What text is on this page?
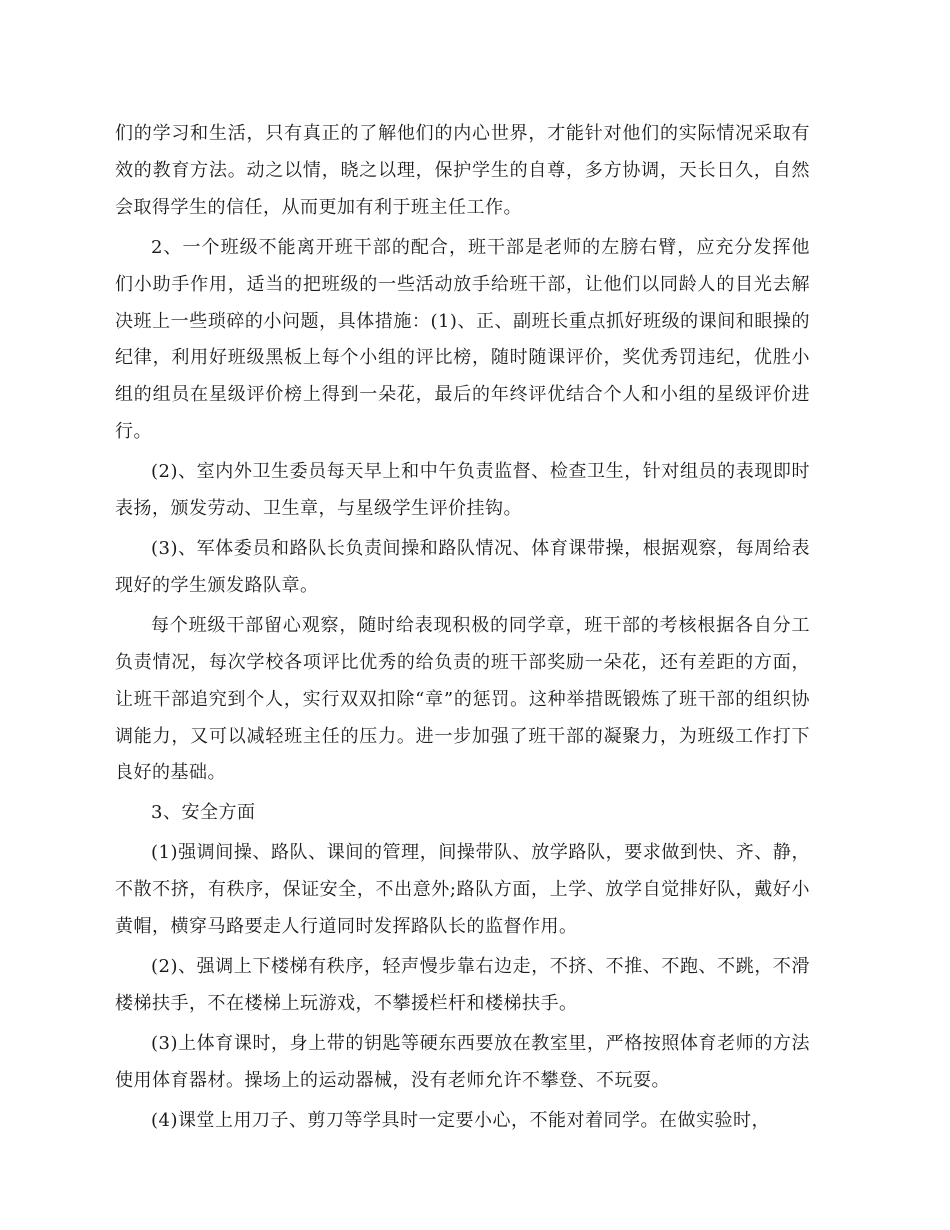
们的学习和生活，只有真正的了解他们的内心世界，才能针对他们的实际情况采取有效的教育方法。动之以情，晓之以理，保护学生的自尊，多方协调，天长日久，自然会取得学生的信任，从而更加有利于班主任工作。

2、一个班级不能离开班干部的配合，班干部是老师的左膀右臂，应充分发挥他们小助手作用，适当的把班级的一些活动放手给班干部，让他们以同龄人的目光去解决班上一些琐碎的小问题，具体措施：(1)、正、副班长重点抓好班级的课间和眼操的纪律，利用好班级黑板上每个小组的评比榜，随时随课评价，奖优秀罚违纪，优胜小组的组员在星级评价榜上得到一朵花，最后的年终评优结合个人和小组的星级评价进行。

(2)、室内外卫生委员每天早上和中午负责监督、检查卫生，针对组员的表现即时表扬，颁发劳动、卫生章，与星级学生评价挂钩。

(3)、军体委员和路队长负责间操和路队情况、体育课带操，根据观察，每周给表现好的学生颁发路队章。

每个班级干部留心观察，随时给表现积极的同学章，班干部的考核根据各自分工负责情况，每次学校各项评比优秀的给负责的班干部奖励一朵花，还有差距的方面，让班干部追究到个人，实行双双扣除“章”的惩罚。这种举措既锻炼了班干部的组织协调能力，又可以减轻班主任的压力。进一步加强了班干部的凝聚力，为班级工作打下良好的基础。

3、安全方面

(1)强调间操、路队、课间的管理，间操带队、放学路队，要求做到快、齐、静，不散不挤，有秩序，保证安全，不出意外;路队方面，上学、放学自觉排好队，戴好小黄帽，横穿马路要走人行道同时发挥路队长的监督作用。

(2)、强调上下楼梯有秩序，轻声慢步靠右边走，不挤、不推、不跑、不跳，不滑楼梯扶手，不在楼梯上玩游戏，不攀援栏杆和楼梯扶手。

(3)上体育课时，身上带的钥匙等硬东西要放在教室里，严格按照体育老师的方法使用体育器材。操场上的运动器械，没有老师允许不攀登、不玩耍。

(4)课堂上用刀子、剪刀等学具时一定要小心，不能对着同学。在做实验时，
